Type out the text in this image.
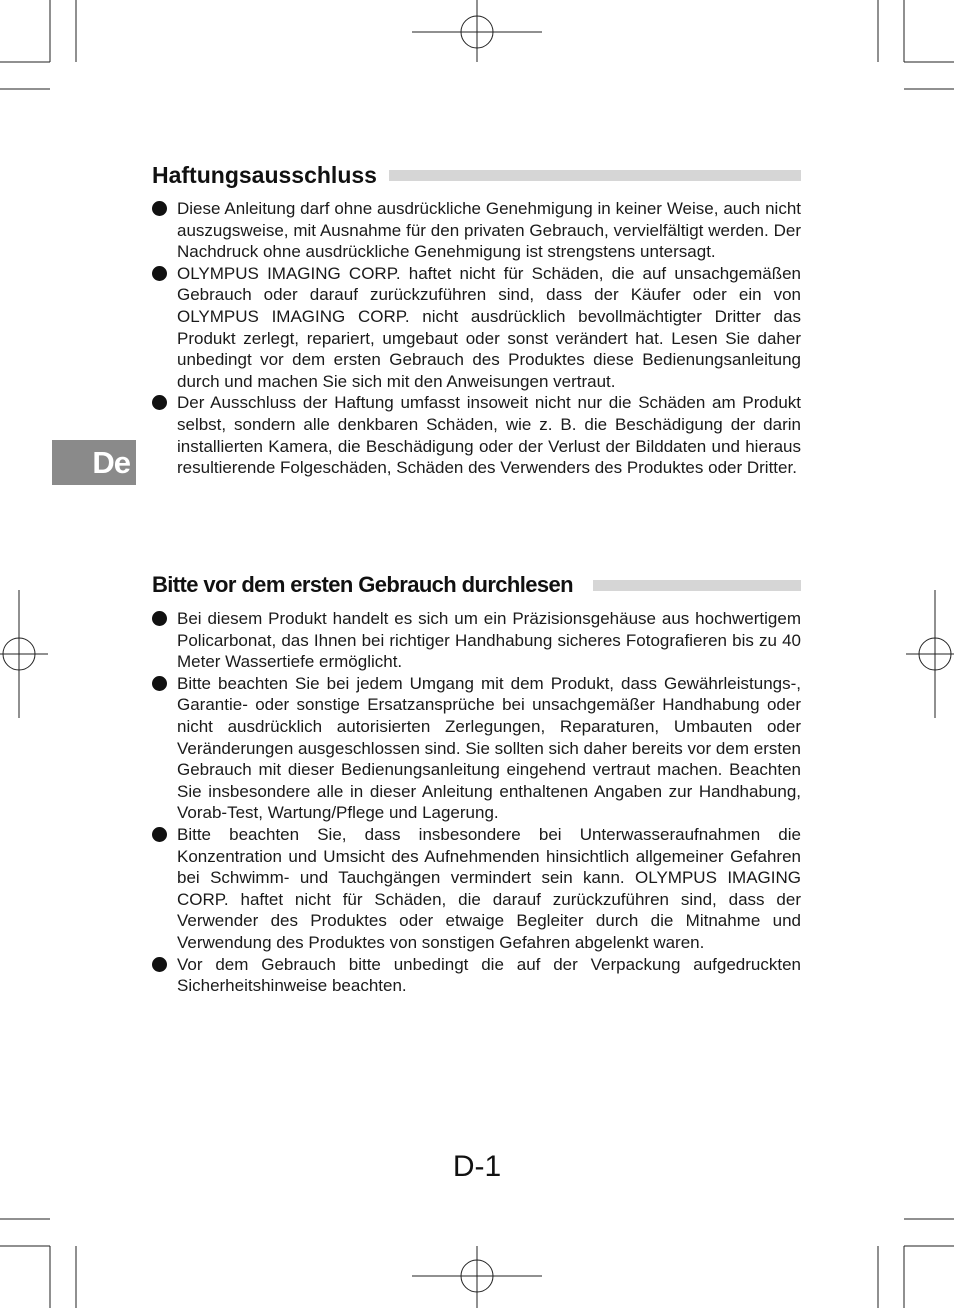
De
Haftungsausschluss
Diese Anleitung darf ohne ausdrückliche Genehmigung in keiner Weise, auch nicht auszugsweise, mit Ausnahme für den privaten Gebrauch, vervielfältigt werden. Der Nachdruck ohne ausdrückliche Genehmigung ist strengstens untersagt.
OLYMPUS IMAGING CORP. haftet nicht für Schäden, die auf unsachgemäßen Gebrauch oder darauf zurückzuführen sind, dass der Käufer oder ein von OLYMPUS IMAGING CORP. nicht ausdrücklich bevollmächtigter Dritter das Produkt zerlegt, repariert, umgebaut oder sonst verändert hat. Lesen Sie daher unbedingt vor dem ersten Gebrauch des Produktes diese Bedienungsanleitung durch und machen Sie sich mit den Anweisungen vertraut.
Der Ausschluss der Haftung umfasst insoweit nicht nur die Schäden am Produkt selbst, sondern alle denkbaren Schäden, wie z. B. die Beschädigung der darin installierten Kamera, die Beschädigung oder der Verlust der Bilddaten und hieraus resultierende Folgeschäden, Schäden des Verwenders des Produktes oder Dritter.
Bitte vor dem ersten Gebrauch durchlesen
Bei diesem Produkt handelt es sich um ein Präzisionsgehäuse aus hochwertigem Policarbonat, das Ihnen bei richtiger Handhabung sicheres Fotografieren bis zu 40 Meter Wassertiefe ermöglicht.
Bitte beachten Sie bei jedem Umgang mit dem Produkt, dass Gewährleistungs-, Garantie- oder sonstige Ersatzansprüche bei unsachgemäßer Handhabung oder nicht ausdrücklich autorisierten Zerlegungen, Reparaturen, Umbauten oder Veränderungen ausgeschlossen sind. Sie sollten sich daher bereits vor dem ersten Gebrauch mit dieser Bedienungsanleitung eingehend vertraut machen. Beachten Sie insbesondere alle in dieser Anleitung enthaltenen Angaben zur Handhabung, Vorab-Test, Wartung/Pflege und Lagerung.
Bitte beachten Sie, dass insbesondere bei Unterwasseraufnahmen die Konzentration und Umsicht des Aufnehmenden hinsichtlich allgemeiner Gefahren bei Schwimm- und Tauchgängen vermindert sein kann. OLYMPUS IMAGING CORP. haftet nicht für Schäden, die darauf zurückzuführen sind, dass der Verwender des Produktes oder etwaige Begleiter durch die Mitnahme und Verwendung des Produktes von sonstigen Gefahren abgelenkt waren.
Vor dem Gebrauch bitte unbedingt die auf der Verpackung aufgedruckten Sicherheitshinweise beachten.
D-1
